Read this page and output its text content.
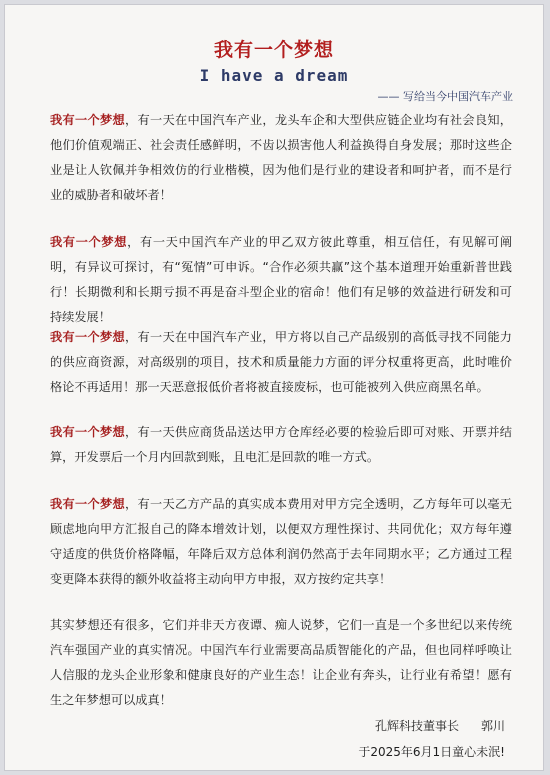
我有一个梦想
I have a dream
—— 写给当今中国汽车产业

我有一个梦想，有一天在中国汽车产业，龙头车企和大型供应链企业均有社会良知，他们价值观端正、社会责任感鲜明，不齿以损害他人利益换得自身发展；那时这些企业是让人钦佩并争相效仿的行业楷模，因为他们是行业的建设者和呵护者，而不是行业的威胁者和破坏者！

我有一个梦想，有一天中国汽车产业的甲乙双方彼此尊重，相互信任，有见解可阐明，有异议可探讨，有“冤情”可申诉。“合作必须共赢”这个基本道理开始重新普世践行！长期微利和长期亏损不再是奋斗型企业的宿命！他们有足够的效益进行研发和可持续发展！

我有一个梦想，有一天在中国汽车产业，甲方将以自己产品级别的高低寻找不同能力的供应商资源，对高级别的项目，技术和质量能力方面的评分权重将更高，此时唯价格论不再适用！那一天恶意报低价者将被直接废标，也可能被列入供应商黑名单。

我有一个梦想，有一天供应商货品送达甲方仓库经必要的检验后即可对账、开票并结算，开发票后一个月内回款到账，且电汇是回款的唯一方式。

我有一个梦想，有一天乙方产品的真实成本费用对甲方完全透明，乙方每年可以毫无顾虑地向甲方汇报自己的降本增效计划，以便双方理性探讨、共同优化；双方每年遵守适度的供货价格降幅，年降后双方总体利润仍然高于去年同期水平；乙方通过工程变更降本获得的额外收益将主动向甲方申报，双方按约定共享！

其实梦想还有很多，它们并非天方夜谭、痴人说梦，它们一直是一个多世纪以来传统汽车强国产业的真实情况。中国汽车行业需要高品质智能化的产品，但也同样呼唤让人信服的龙头企业形象和健康良好的产业生态！让企业有奔头，让行业有希望！愿有生之年梦想可以成真！

孔辉科技董事长 郭川
于2025年6月1日童心未泯!
